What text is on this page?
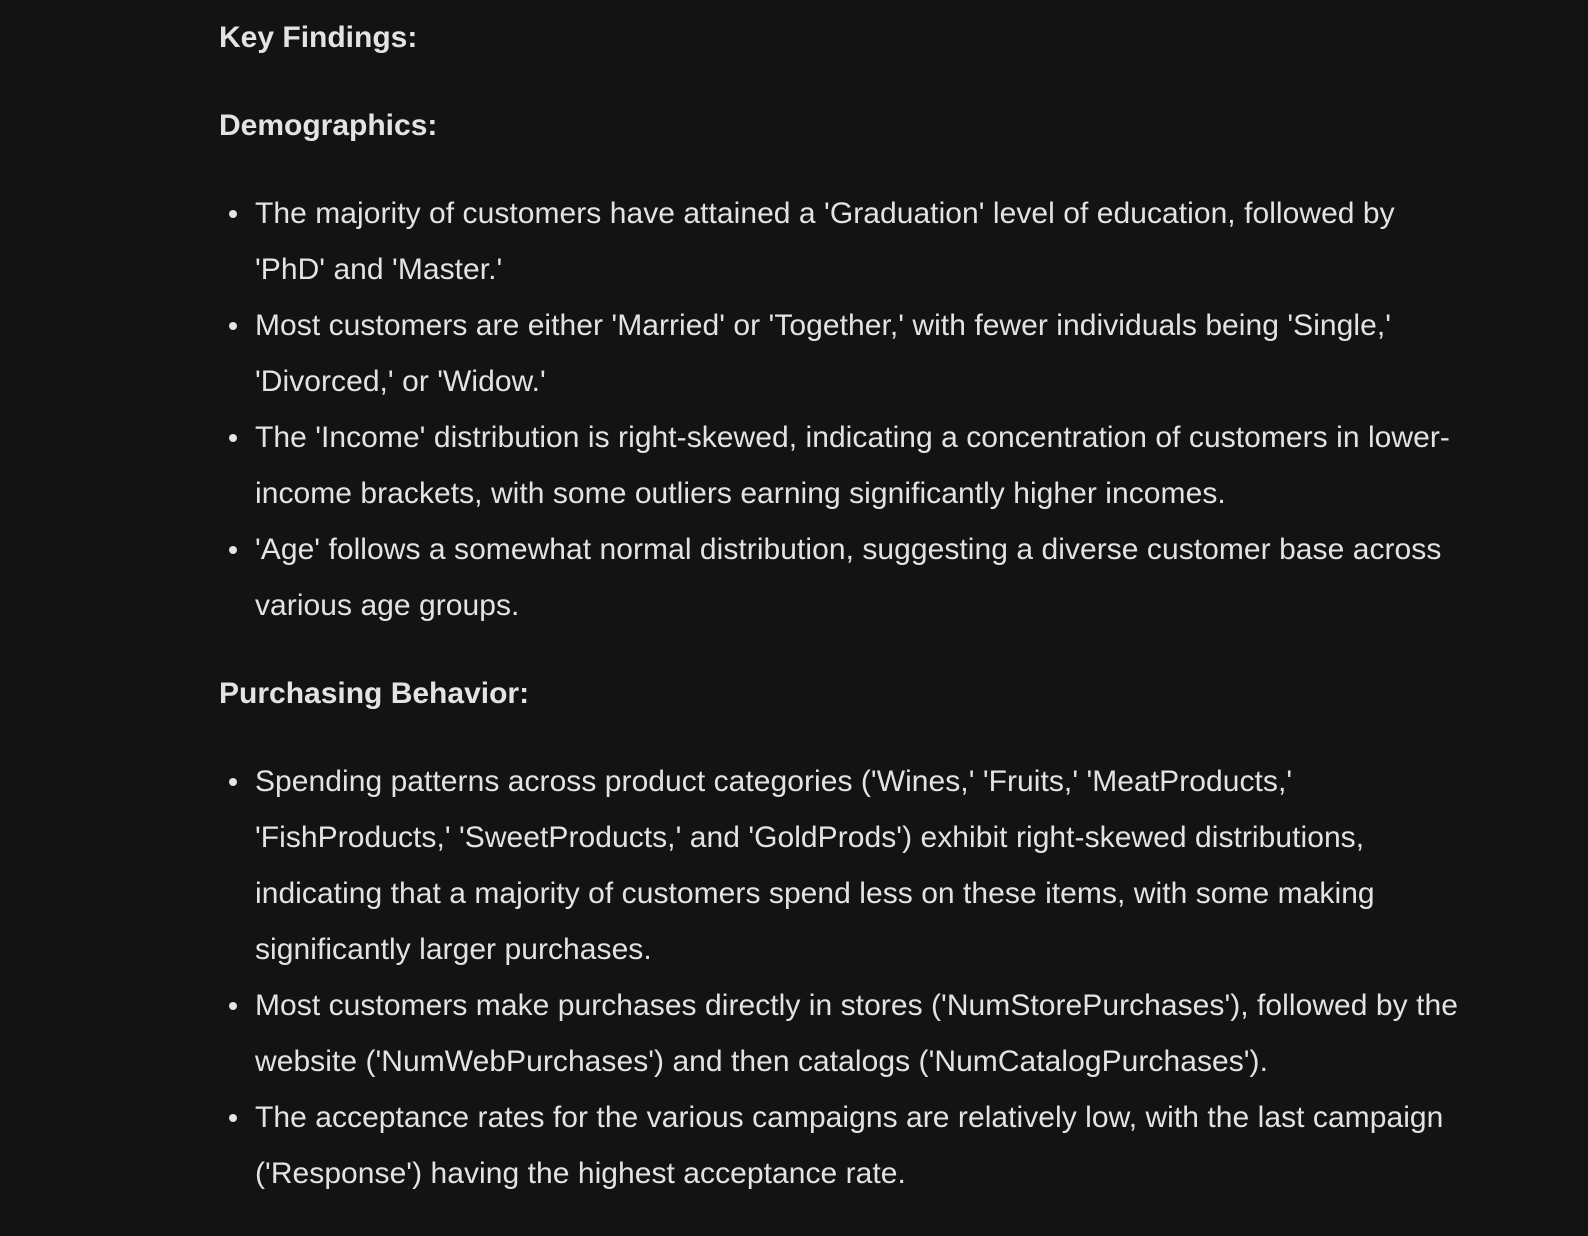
Key Findings:
Demographics:
The majority of customers have attained a 'Graduation' level of education, followed by 'PhD' and 'Master.'
Most customers are either 'Married' or 'Together,' with fewer individuals being 'Single,' 'Divorced,' or 'Widow.'
The 'Income' distribution is right-skewed, indicating a concentration of customers in lower-income brackets, with some outliers earning significantly higher incomes.
'Age' follows a somewhat normal distribution, suggesting a diverse customer base across various age groups.
Purchasing Behavior:
Spending patterns across product categories ('Wines,' 'Fruits,' 'MeatProducts,' 'FishProducts,' 'SweetProducts,' and 'GoldProds') exhibit right-skewed distributions, indicating that a majority of customers spend less on these items, with some making significantly larger purchases.
Most customers make purchases directly in stores ('NumStorePurchases'), followed by the website ('NumWebPurchases') and then catalogs ('NumCatalogPurchases').
The acceptance rates for the various campaigns are relatively low, with the last campaign ('Response') having the highest acceptance rate.
